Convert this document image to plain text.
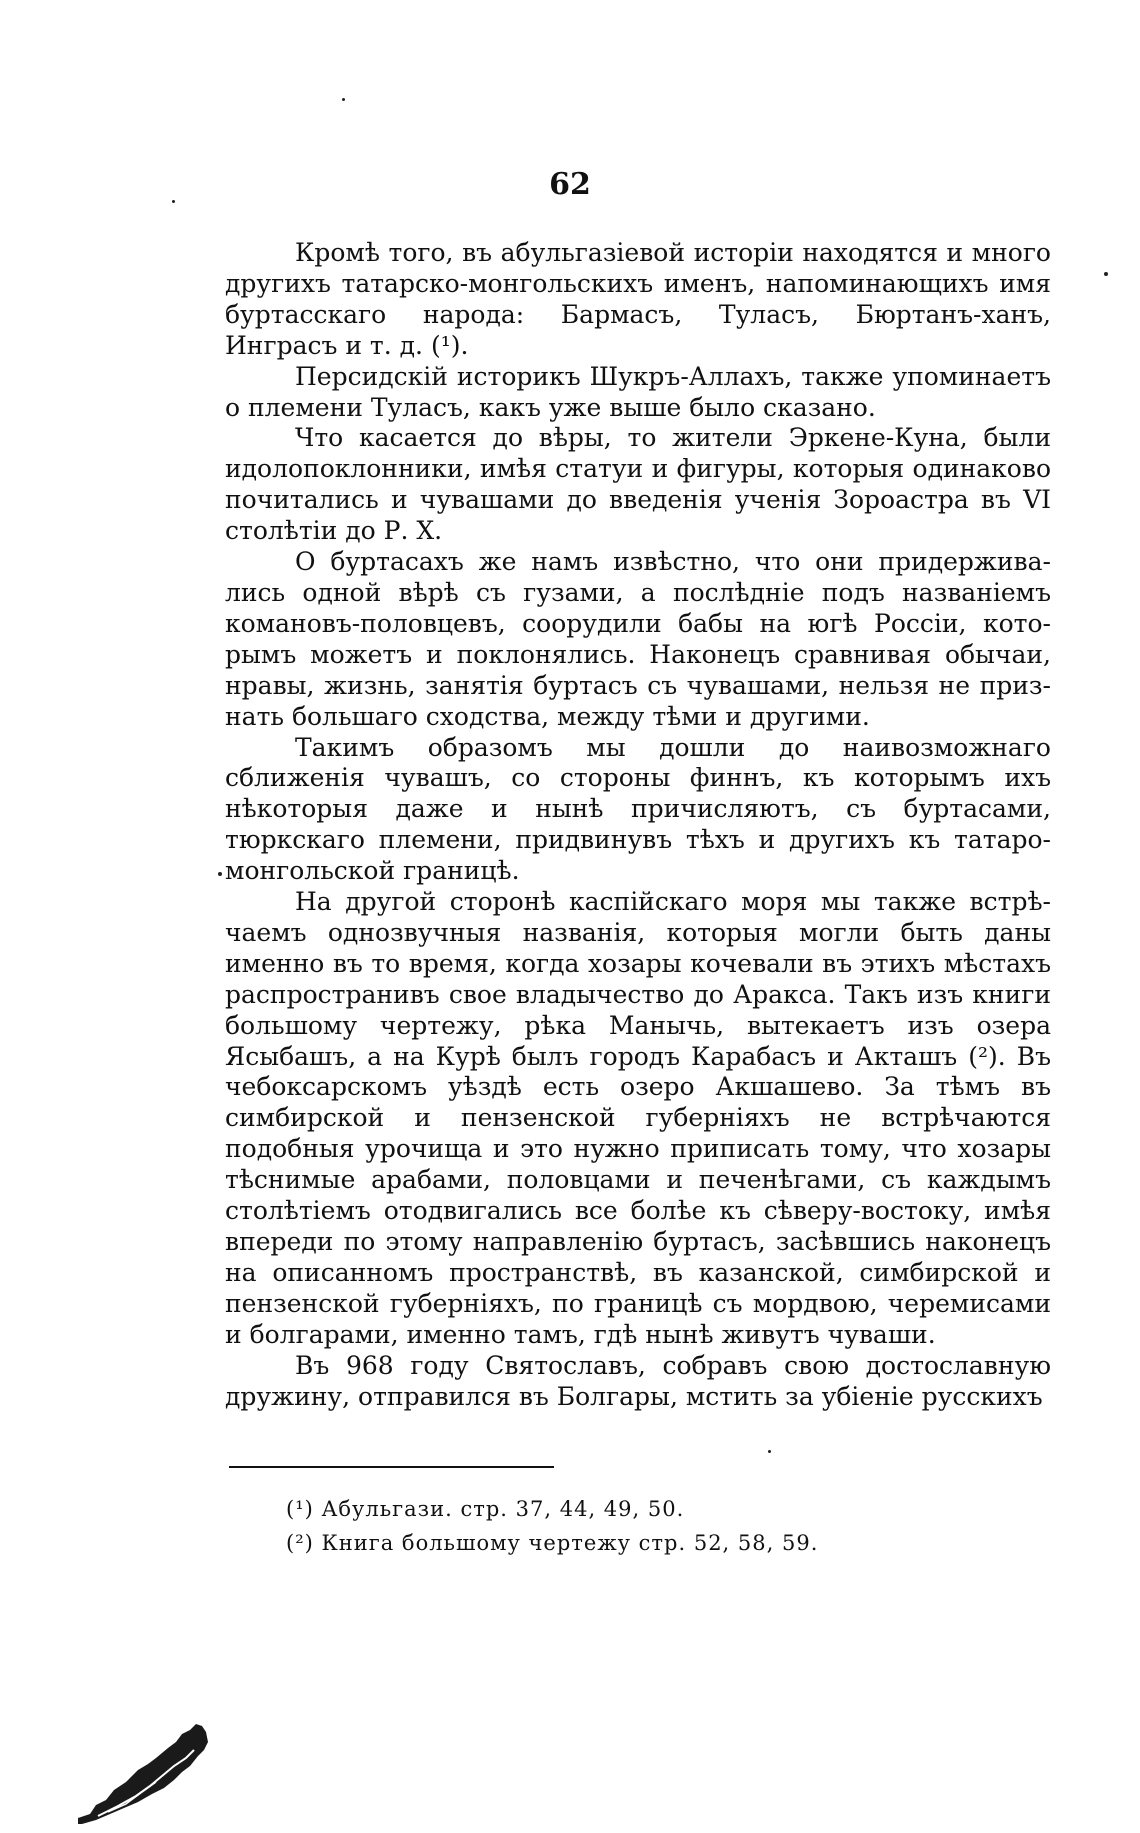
62

Кромѣ того, въ абульгазіевой исторіи находятся и много другихъ татарско-монгольскихъ именъ, напоминающихъ имя буртасскаго народа: Бармасъ, Туласъ, Бюртанъ-ханъ, Инграсъ и т. д. (¹).

Персидскій историкъ Шукръ-Аллахъ, также упоминаетъ о племени Туласъ, какъ уже выше было сказано.

Что касается до вѣры, то жители Эркене-Куна, были идолопоклонники, имѣя статуи и фигуры, которыя одинаково почитались и чувашами до введенія ученія Зороастра въ VI столѣтіи до Р. Х.

О буртасахъ же намъ извѣстно, что они придерживались одной вѣрѣ съ гузами, а послѣдніе подъ названіемъ комановъ-половцевъ, соорудили бабы на югѣ Россіи, которымъ можетъ и поклонялись. Наконецъ сравнивая обычаи, нравы, жизнь, занятія буртасъ съ чувашами, нельзя не признать большаго сходства, между тѣми и другими.

Такимъ образомъ мы дошли до наивозможнаго сближенія чувашъ, со стороны финнъ, къ которымъ ихъ нѣкоторыя даже и нынѣ причисляютъ, съ буртасами, тюркскаго племени, придвинувъ тѣхъ и другихъ къ татаро-монгольской границѣ.

На другой сторонѣ каспійскаго моря мы также встрѣчаемъ однозвучныя названія, которыя могли быть даны именно въ то время, когда хозары кочевали въ этихъ мѣстахъ распространивъ свое владычество до Аракса. Такъ изъ книги большому чертежу, рѣка Манычь, вытекаетъ изъ озера Ясыбашъ, а на Курѣ былъ городъ Карабасъ и Акташъ (²). Въ чебоксарскомъ уѣздѣ есть озеро Акшашево. За тѣмъ въ симбирской и пензенской губерніяхъ не встрѣчаются подобныя урочища и это нужно приписать тому, что хозары тѣснимые арабами, половцами и печенѣгами, съ каждымъ столѣтіемъ отодвигались все болѣе къ сѣверу-востоку, имѣя впереди по этому направленію буртасъ, засѣвшись наконецъ на описанномъ пространствѣ, въ казанской, симбирской и пензенской губерніяхъ, по границѣ съ мордвою, черемисами и болгарами, именно тамъ, гдѣ нынѣ живутъ чуваши.

Въ 968 году Святославъ, собравъ свою достославную дружину, отправился въ Болгары, мстить за убіеніе русскихъ

(¹) Абульгази. стр. 37, 44, 49, 50.

(²) Книга большому чертежу стр. 52, 58, 59.
